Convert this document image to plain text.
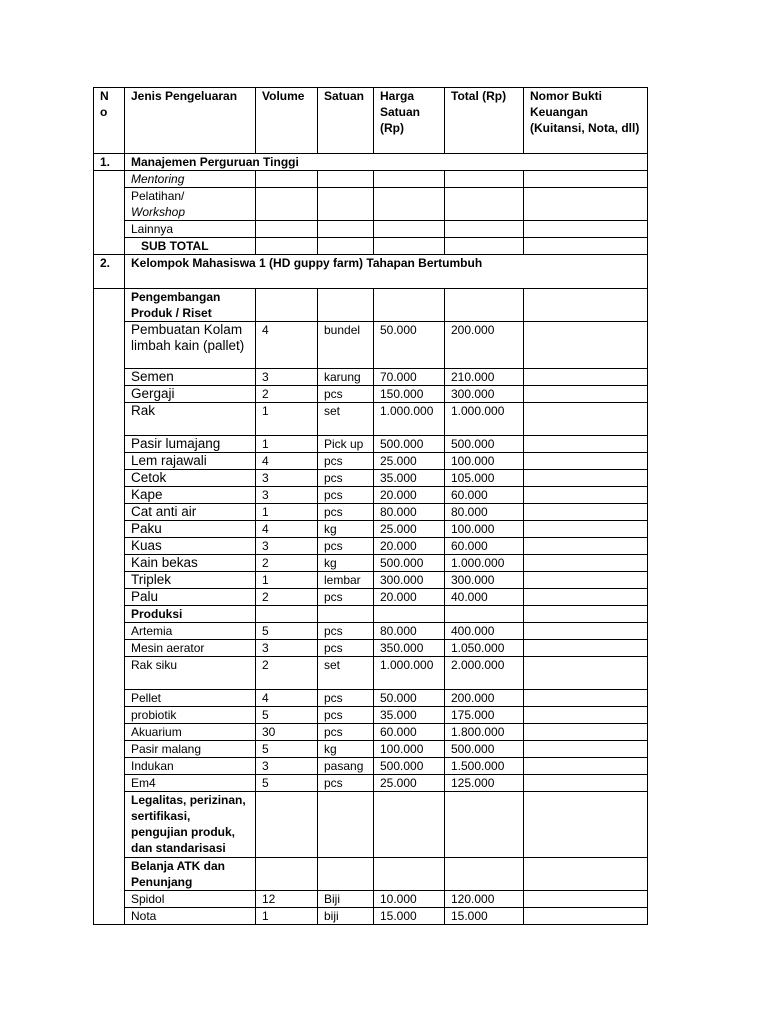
N o	Jenis Pengeluaran	Volume	Satuan	Harga Satuan (Rp)	Total (Rp)	Nomor Bukti Keuangan (Kuitansi, Nota, dll)
1.	Manajemen Perguruan Tinggi					
	Mentoring					
	Pelatihan/
Workshop					
	Lainnya					
	SUB TOTAL					
2.	Kelompok Mahasiswa 1 (HD guppy farm) Tahapan Bertumbuh					
	Pengembangan Produk / Riset					
	Pembuatan Kolam limbah kain (pallet)	4	bundel	50.000	200.000	
	Semen	3	karung	70.000	210.000	
	Gergaji	2	pcs	150.000	300.000	
	Rak	1	set	1.000.000	1.000.000	
	Pasir lumajang	1	Pick up	500.000	500.000	
	Lem rajawali	4	pcs	25.000	100.000	
	Cetok	3	pcs	35.000	105.000	
	Kape	3	pcs	20.000	60.000	
	Cat anti air	1	pcs	80.000	80.000	
	Paku	4	kg	25.000	100.000	
	Kuas	3	pcs	20.000	60.000	
	Kain bekas	2	kg	500.000	1.000.000	
	Triplek	1	lembar	300.000	300.000	
	Palu	2	pcs	20.000	40.000	
	Produksi					
	Artemia	5	pcs	80.000	400.000	
	Mesin aerator	3	pcs	350.000	1.050.000	
	Rak siku	2	set	1.000.000	2.000.000	
	Pellet	4	pcs	50.000	200.000	
	probiotik	5	pcs	35.000	175.000	
	Akuarium	30	pcs	60.000	1.800.000	
	Pasir malang	5	kg	100.000	500.000	
	Indukan	3	pasang	500.000	1.500.000	
	Em4	5	pcs	25.000	125.000	
	Legalitas, perizinan, sertifikasi, pengujian produk, dan standarisasi					
	Belanja ATK dan Penunjang					
	Spidol	12	Biji	10.000	120.000	
	Nota	1	biji	15.000	15.000	
